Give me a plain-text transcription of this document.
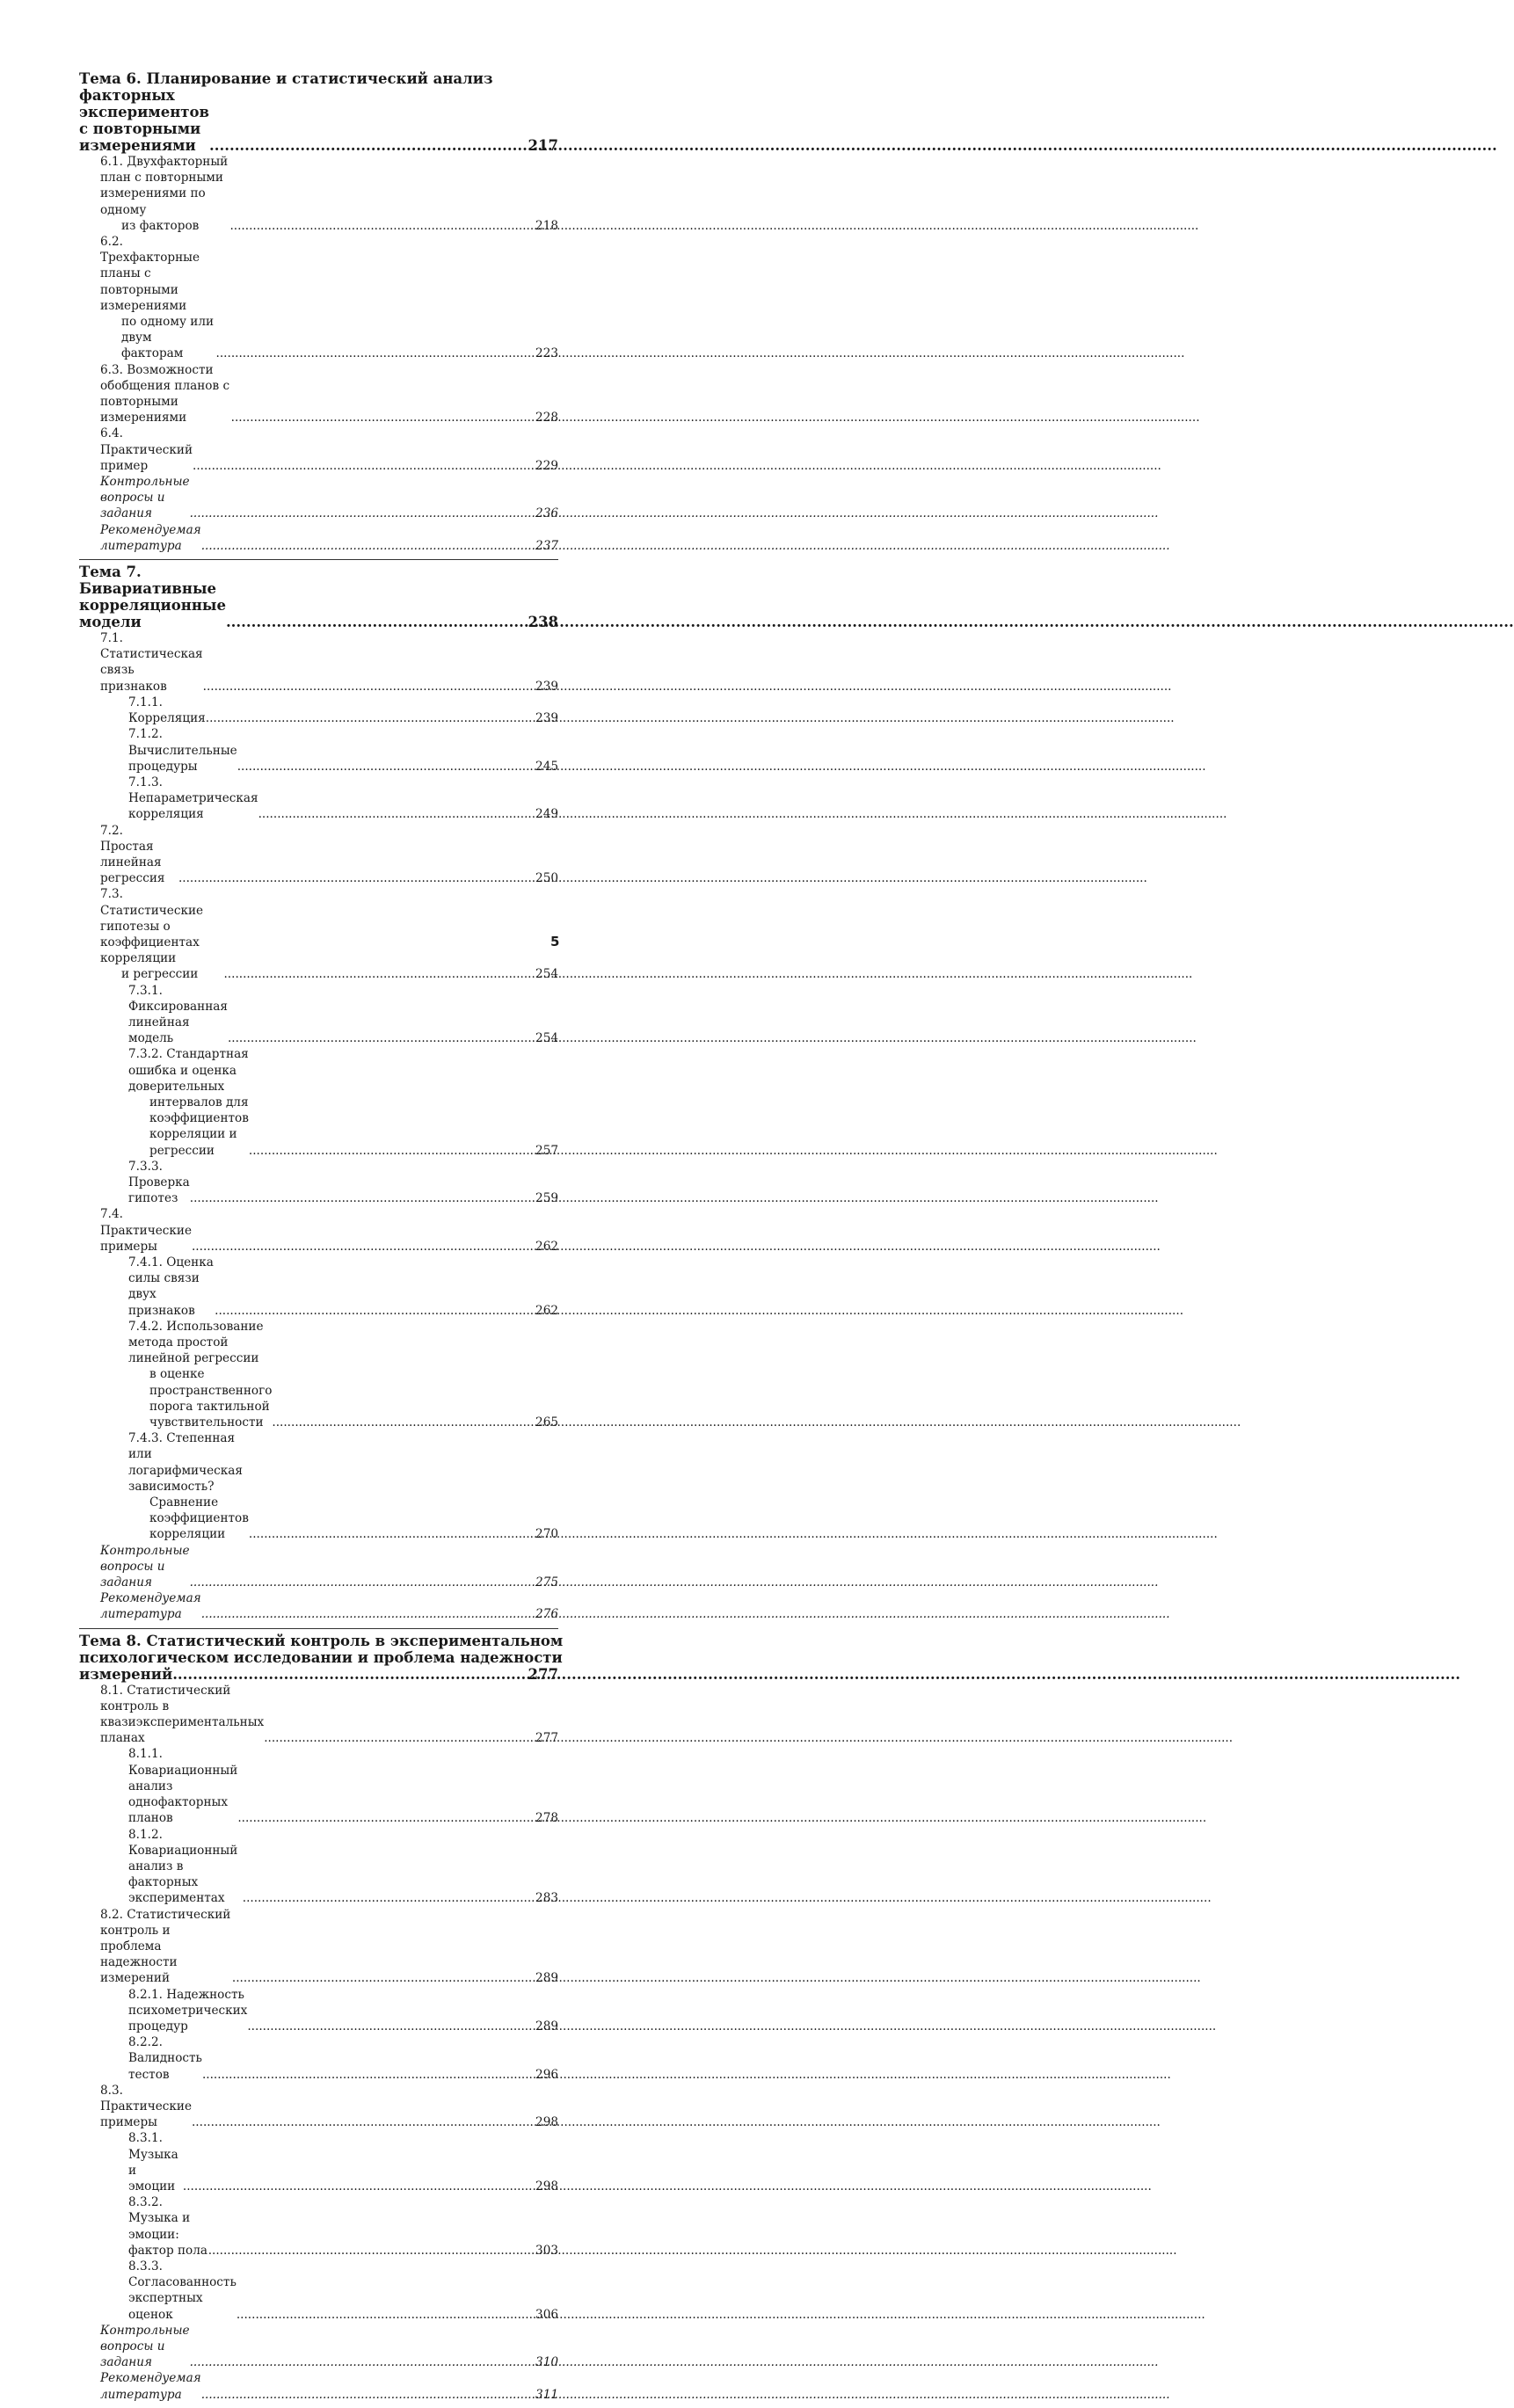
Тема 6. Планирование и статистический анализ
факторных экспериментов с повторными измерениями .....	217
6.1. Двухфакторный план с повторными измерениями по одному
из факторов .....	218
6.2. Трехфакторные планы с повторными измерениями
по одному или двум факторам .....	223
6.3. Возможности обобщения планов с повторными измерениями .....	228
6.4. Практический пример .....	229
Контрольные вопросы и задания .....	236
Рекомендуемая литература .....	237
Тема 7. Бивариативные корреляционные модели .....	238
7.1. Статистическая связь признаков .....	239
7.1.1. Корреляция .....	239
7.1.2. Вычислительные процедуры .....	245
7.1.3. Непараметрическая корреляция .....	249
7.2. Простая линейная регрессия .....	250
7.3. Статистические гипотезы о коэффициентах корреляции
и регрессии .....	254
7.3.1. Фиксированная линейная модель .....	254
7.3.2. Стандартная ошибка и оценка доверительных
интервалов для коэффициентов корреляции и регрессии .....	257
7.3.3. Проверка гипотез .....	259
7.4. Практические примеры .....	262
7.4.1. Оценка силы связи двух признаков .....	262
7.4.2. Использование метода простой линейной регрессии
в оценке пространственного порога тактильной
чувствительности .....	265
7.4.3. Степенная или логарифмическая зависимость?
Сравнение коэффициентов корреляции .....	270
Контрольные вопросы и задания .....	275
Рекомендуемая литература .....	276
Тема 8. Статистический контроль в экспериментальном
психологическом исследовании и проблема надежности
измерений .....	277
8.1. Статистический контроль в квазиэкспериментальных планах .....	277
8.1.1. Ковариационный анализ однофакторных планов .....	278
8.1.2. Ковариационный анализ в факторных экспериментах .....	283
8.2. Статистический контроль и проблема надежности измерений .....	289
8.2.1. Надежность психометрических процедур .....	289
8.2.2. Валидность тестов .....	296
8.3. Практические примеры .....	298
8.3.1. Музыка и эмоции .....	298
8.3.2. Музыка и эмоции: фактор пола .....	303
8.3.3. Согласованность экспертных оценок .....	306
Контрольные вопросы и задания .....	310
Рекомендуемая литература .....	311
5
